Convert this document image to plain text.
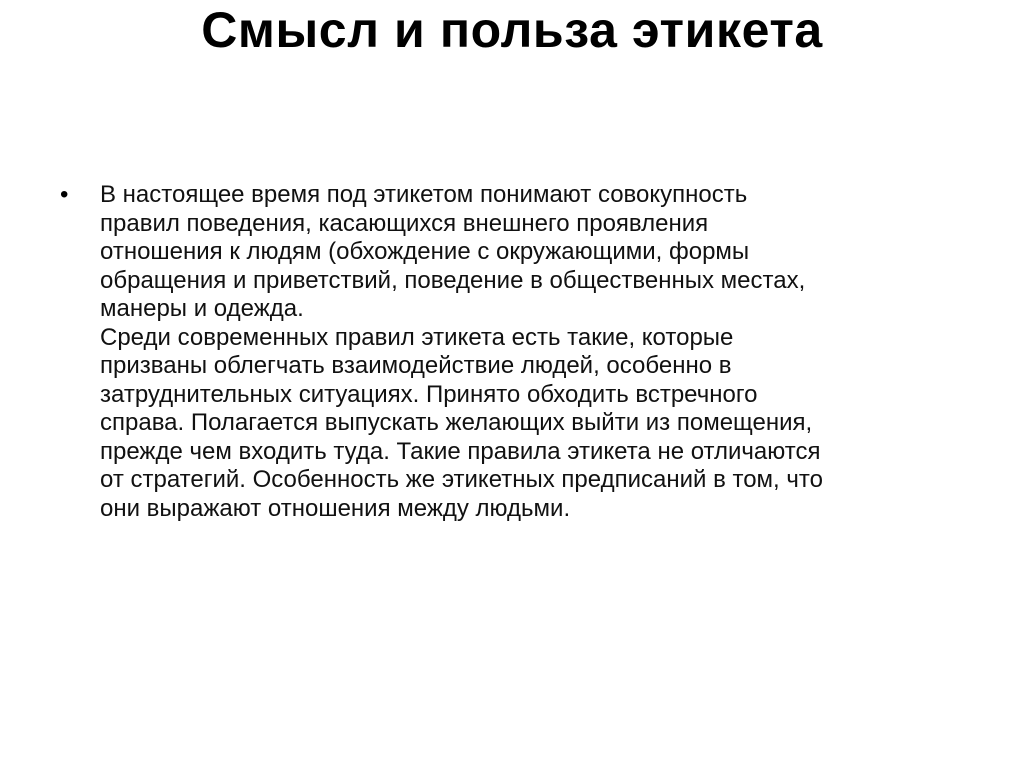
Смысл и польза этикета
•	В настоящее время под этикетом понимают совокупность
правил поведения, касающихся внешнего проявления
отношения к людям (обхождение с окружающими, формы
обращения и приветствий, поведение в общественных местах,
манеры и одежда.
Среди современных правил этикета есть такие, которые
призваны облегчать взаимодействие людей, особенно в
затруднительных ситуациях. Принято обходить встречного
справа. Полагается выпускать желающих выйти из помещения,
прежде чем входить туда. Такие правила этикета не отличаются
от стратегий. Особенность же этикетных предписаний в том, что
они выражают отношения между людьми.
